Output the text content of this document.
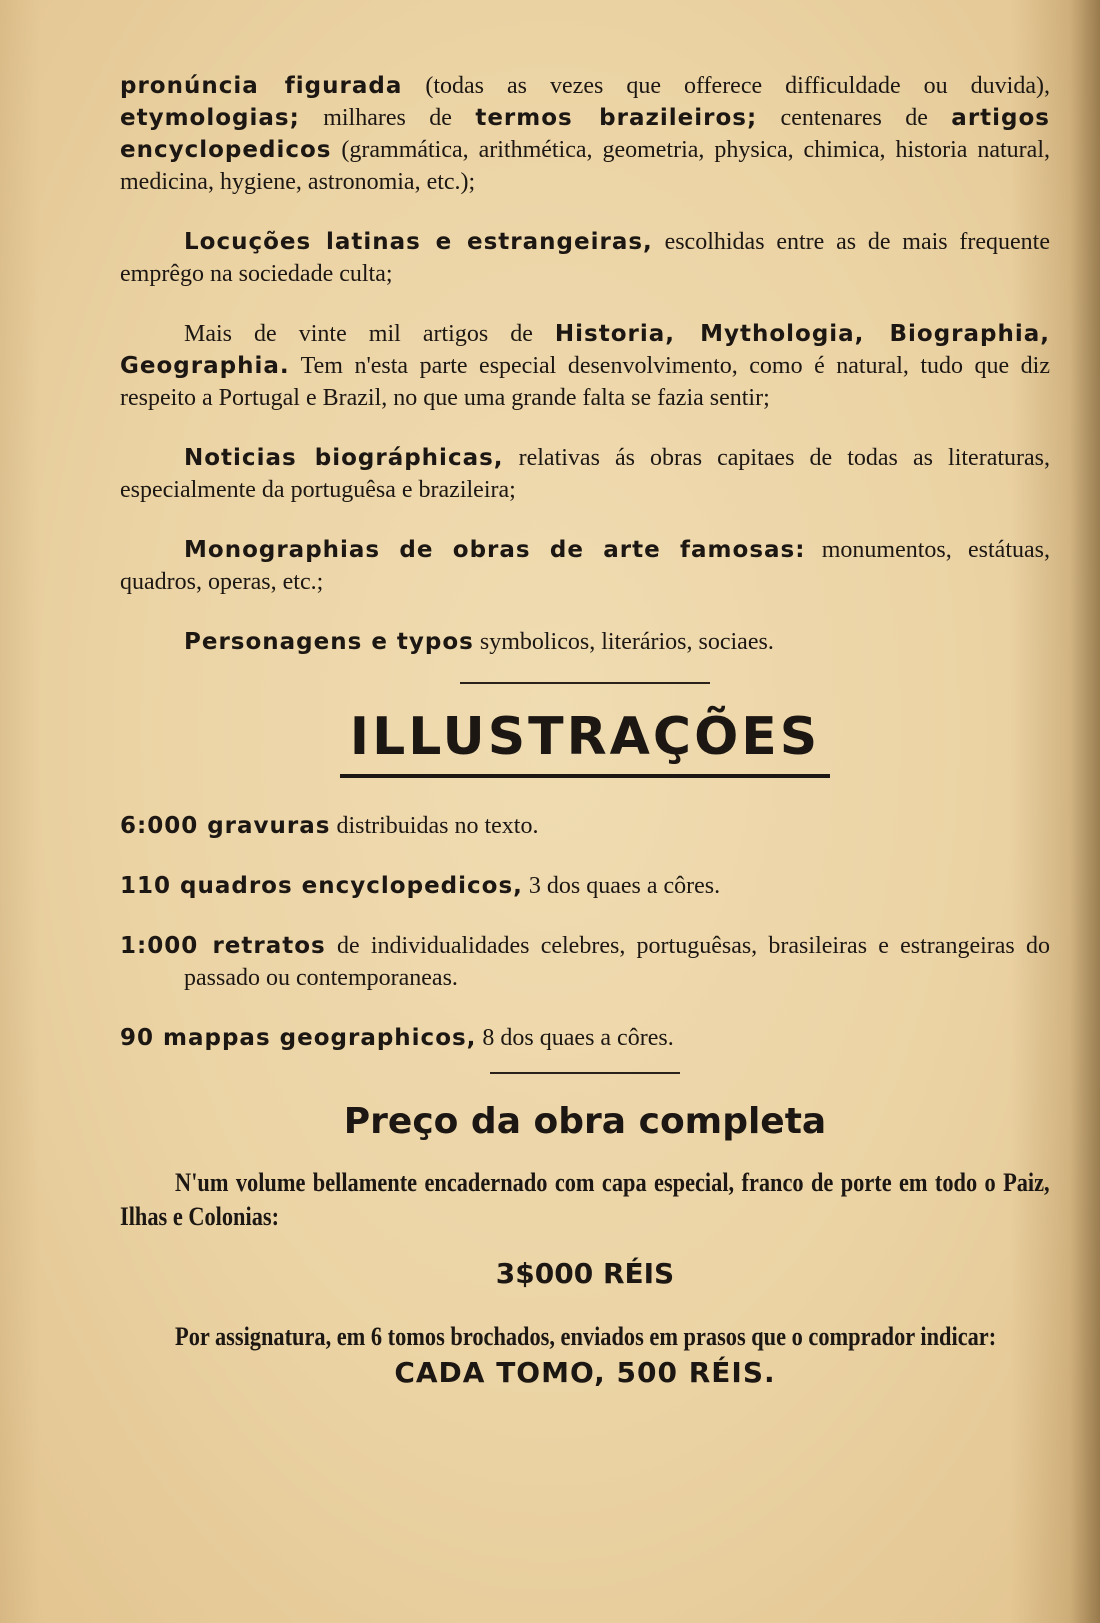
pronúncia figurada (todas as vezes que offerece difficuldade ou duvida), etymologias; milhares de termos brazileiros; centenares de artigos encyclopedicos (grammática, arithmética, geometria, physica, chimica, historia natural, medicina, hygiene, astronomia, etc.);

Locuções latinas e estrangeiras, escolhidas entre as de mais frequente emprêgo na sociedade culta;

Mais de vinte mil artigos de Historia, Mythologia, Biographia, Geographia. Tem n'esta parte especial desenvolvimento, como é natural, tudo que diz respeito a Portugal e Brazil, no que uma grande falta se fazia sentir;

Noticias biográphicas, relativas ás obras capitaes de todas as literaturas, especialmente da portuguêsa e brazileira;

Monographias de obras de arte famosas: monumentos, estátuas, quadros, operas, etc.;

Personagens e typos symbolicos, literários, sociaes.

ILLUSTRAÇÕES

6:000 gravuras distribuidas no texto.

110 quadros encyclopedicos, 3 dos quaes a côres.

1:000 retratos de individualidades celebres, portuguêsas, brasileiras e estrangeiras do passado ou contemporaneas.

90 mappas geographicos, 8 dos quaes a côres.

Preço da obra completa

N'um volume bellamente encadernado com capa especial, franco de porte em todo o Paiz, Ilhas e Colonias:

3$000 RÉIS

Por assignatura, em 6 tomos brochados, enviados em prasos que o comprador indicar:

CADA TOMO, 500 RÉIS.
